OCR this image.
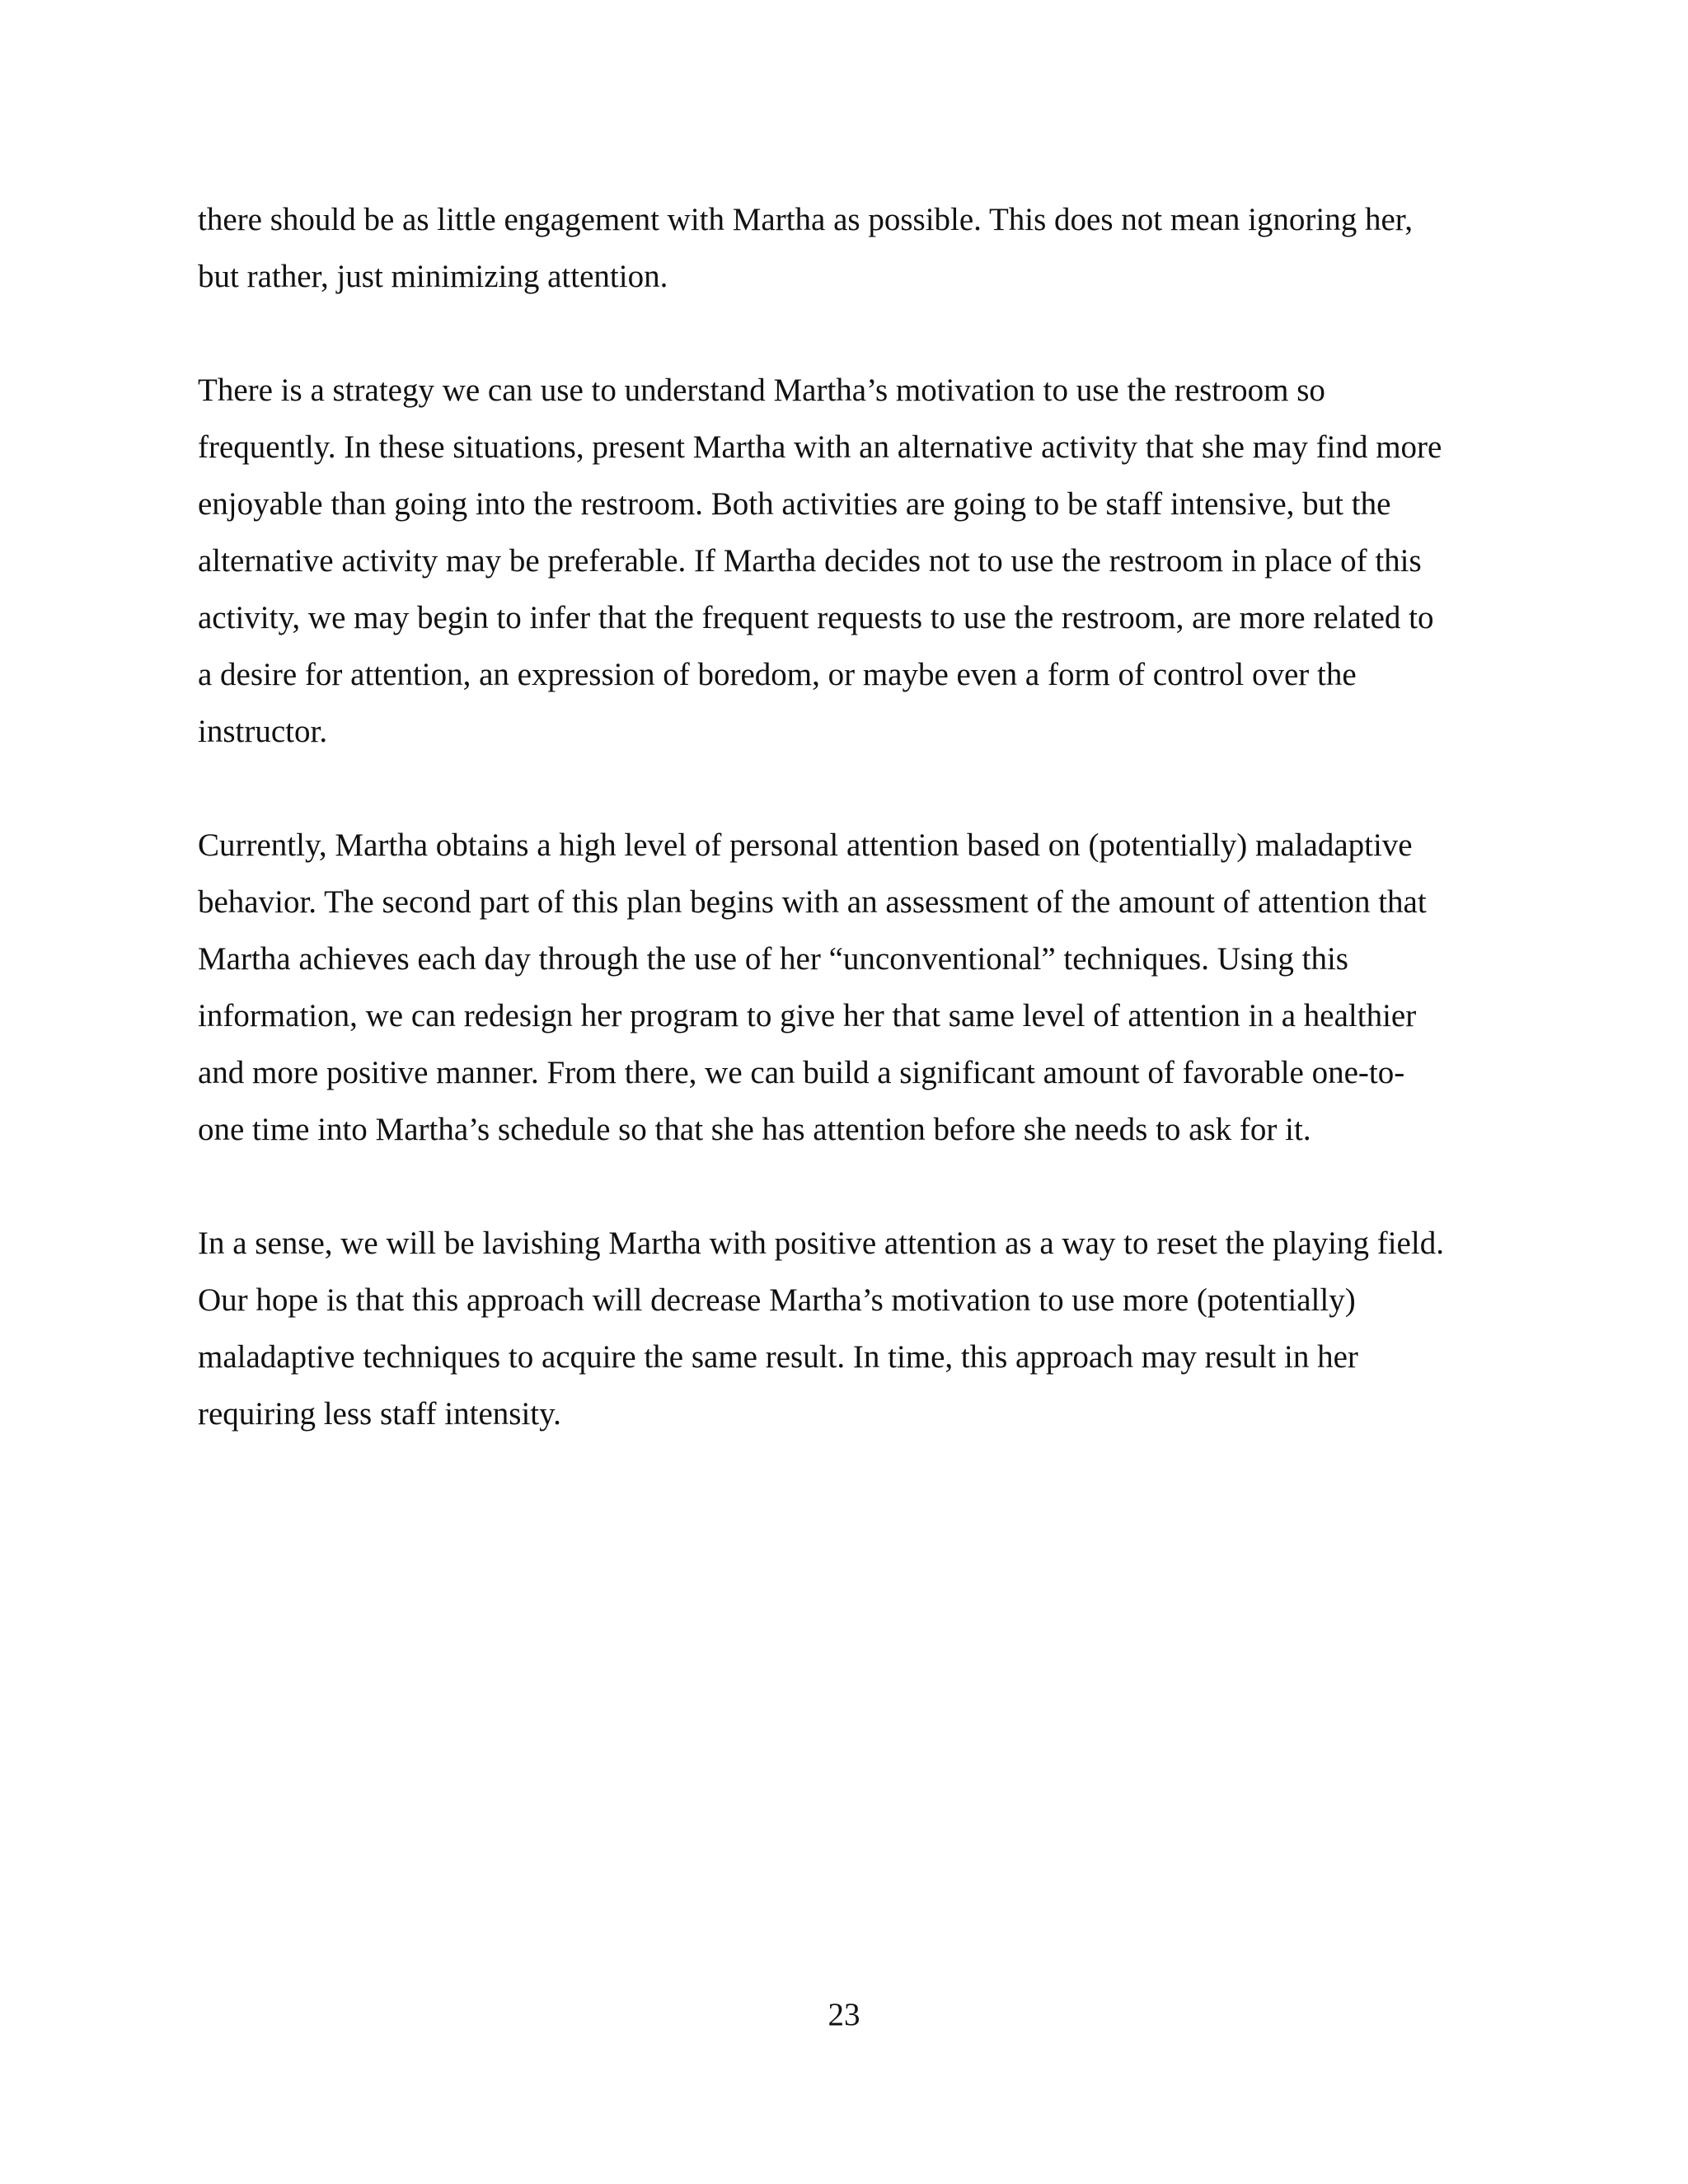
there should be as little engagement with Martha as possible. This does not mean ignoring her,
but rather, just minimizing attention.
There is a strategy we can use to understand Martha’s motivation to use the restroom so
frequently. In these situations, present Martha with an alternative activity that she may find more
enjoyable than going into the restroom. Both activities are going to be staff intensive, but the
alternative activity may be preferable. If Martha decides not to use the restroom in place of this
activity, we may begin to infer that the frequent requests to use the restroom, are more related to
a desire for attention, an expression of boredom, or maybe even a form of control over the
instructor.
Currently, Martha obtains a high level of personal attention based on (potentially) maladaptive
behavior. The second part of this plan begins with an assessment of the amount of attention that
Martha achieves each day through the use of her “unconventional” techniques. Using this
information, we can redesign her program to give her that same level of attention in a healthier
and more positive manner. From there, we can build a significant amount of favorable one-to-
one time into Martha’s schedule so that she has attention before she needs to ask for it.
In a sense, we will be lavishing Martha with positive attention as a way to reset the playing field.
Our hope is that this approach will decrease Martha’s motivation to use more (potentially)
maladaptive techniques to acquire the same result. In time, this approach may result in her
requiring less staff intensity.
23
